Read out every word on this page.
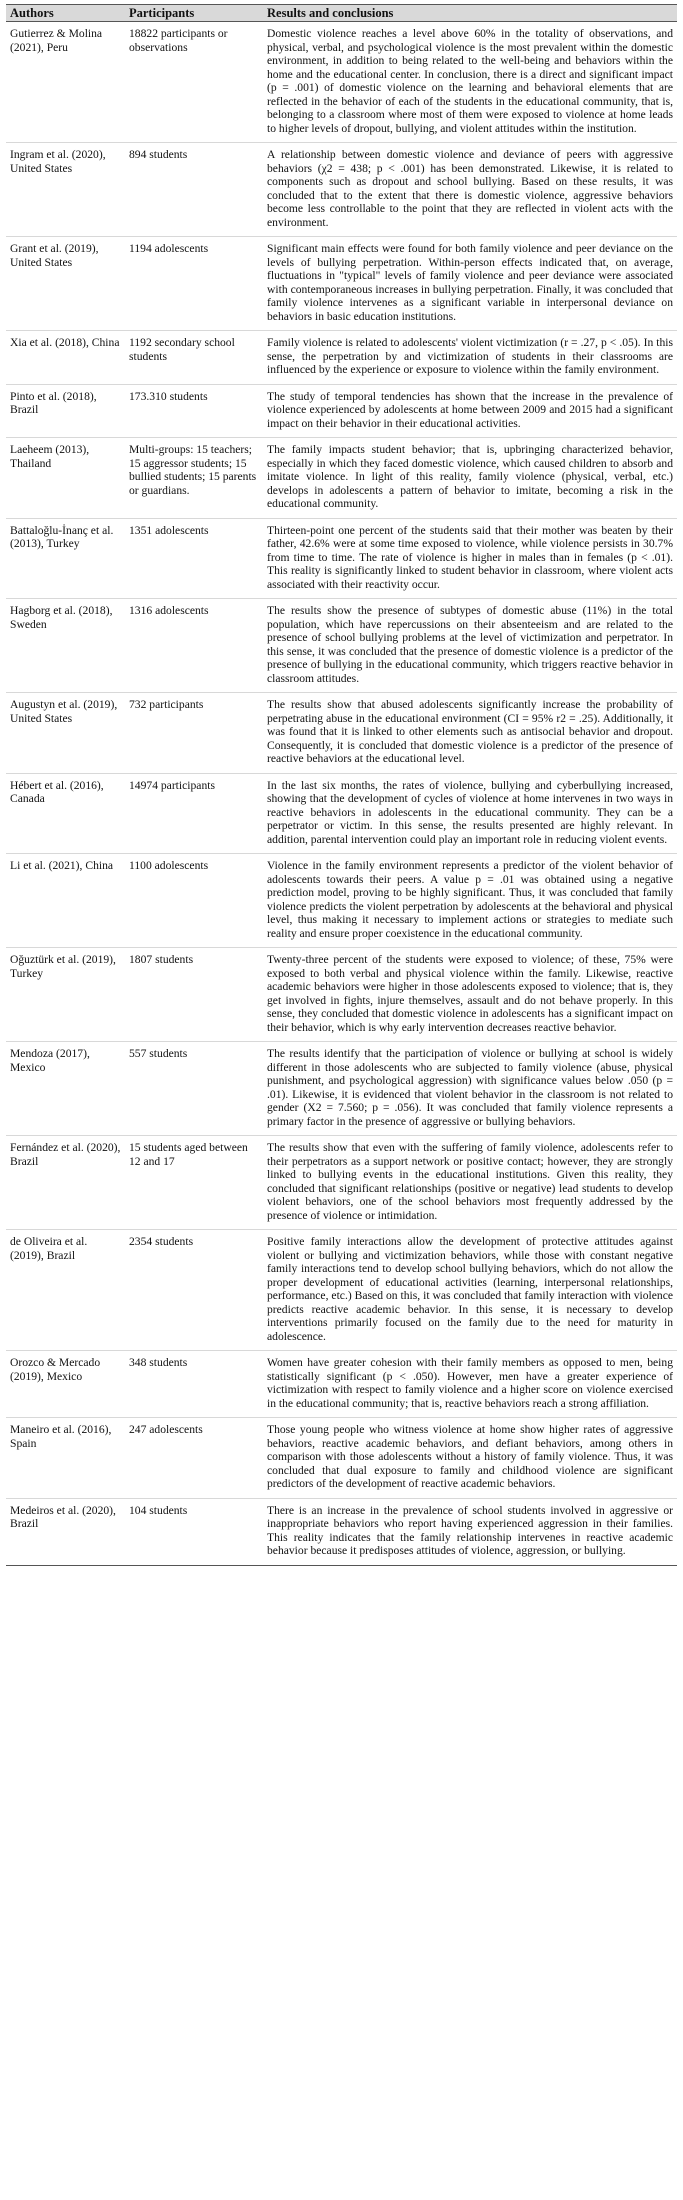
Authors	Participants	Results and conclusions
Gutierrez & Molina (2021), Peru	18822 participants or observations	Domestic violence reaches a level above 60% in the totality of observations, and physical, verbal, and psychological violence is the most prevalent within the domestic environment, in addition to being related to the well-being and behaviors within the home and the educational center. In conclusion, there is a direct and significant impact (p = .001) of domestic violence on the learning and behavioral elements that are reflected in the behavior of each of the students in the educational community, that is, belonging to a classroom where most of them were exposed to violence at home leads to higher levels of dropout, bullying, and violent attitudes within the institution.
Ingram et al. (2020), United States	894 students	A relationship between domestic violence and deviance of peers with aggressive behaviors (χ2 = 438; p < .001) has been demonstrated. Likewise, it is related to components such as dropout and school bullying. Based on these results, it was concluded that to the extent that there is domestic violence, aggressive behaviors become less controllable to the point that they are reflected in violent acts with the environment.
Grant et al. (2019), United States	1194 adolescents	Significant main effects were found for both family violence and peer deviance on the levels of bullying perpetration. Within-person effects indicated that, on average, fluctuations in "typical" levels of family violence and peer deviance were associated with contemporaneous increases in bullying perpetration. Finally, it was concluded that family violence intervenes as a significant variable in interpersonal deviance on behaviors in basic education institutions.
Xia et al. (2018), China	1192 secondary school students	Family violence is related to adolescents' violent victimization (r = .27, p < .05). In this sense, the perpetration by and victimization of students in their classrooms are influenced by the experience or exposure to violence within the family environment.
Pinto et al. (2018), Brazil	173.310 students	The study of temporal tendencies has shown that the increase in the prevalence of violence experienced by adolescents at home between 2009 and 2015 had a significant impact on their behavior in their educational activities.
Laeheem (2013), Thailand	Multi-groups: 15 teachers; 15 aggressor students; 15 bullied students; 15 parents or guardians.	The family impacts student behavior; that is, upbringing characterized behavior, especially in which they faced domestic violence, which caused children to absorb and imitate violence. In light of this reality, family violence (physical, verbal, etc.) develops in adolescents a pattern of behavior to imitate, becoming a risk in the educational community.
Battaloğlu-İnanç et al. (2013), Turkey	1351 adolescents	Thirteen-point one percent of the students said that their mother was beaten by their father, 42.6% were at some time exposed to violence, while violence persists in 30.7% from time to time. The rate of violence is higher in males than in females (p < .01). This reality is significantly linked to student behavior in classroom, where violent acts associated with their reactivity occur.
Hagborg et al. (2018), Sweden	1316 adolescents	The results show the presence of subtypes of domestic abuse (11%) in the total population, which have repercussions on their absenteeism and are related to the presence of school bullying problems at the level of victimization and perpetrator. In this sense, it was concluded that the presence of domestic violence is a predictor of the presence of bullying in the educational community, which triggers reactive behavior in classroom attitudes.
Augustyn et al. (2019), United States	732 participants	The results show that abused adolescents significantly increase the probability of perpetrating abuse in the educational environment (CI = 95% r2 = .25). Additionally, it was found that it is linked to other elements such as antisocial behavior and dropout. Consequently, it is concluded that domestic violence is a predictor of the presence of reactive behaviors at the educational level.
Hébert et al. (2016), Canada	14974 participants	In the last six months, the rates of violence, bullying and cyberbullying increased, showing that the development of cycles of violence at home intervenes in two ways in reactive behaviors in adolescents in the educational community. They can be a perpetrator or victim. In this sense, the results presented are highly relevant. In addition, parental intervention could play an important role in reducing violent events.
Li et al. (2021), China	1100 adolescents	Violence in the family environment represents a predictor of the violent behavior of adolescents towards their peers. A value p = .01 was obtained using a negative prediction model, proving to be highly significant. Thus, it was concluded that family violence predicts the violent perpetration by adolescents at the behavioral and physical level, thus making it necessary to implement actions or strategies to mediate such reality and ensure proper coexistence in the educational community.
Oğuztürk et al. (2019), Turkey	1807 students	Twenty-three percent of the students were exposed to violence; of these, 75% were exposed to both verbal and physical violence within the family. Likewise, reactive academic behaviors were higher in those adolescents exposed to violence; that is, they get involved in fights, injure themselves, assault and do not behave properly. In this sense, they concluded that domestic violence in adolescents has a significant impact on their behavior, which is why early intervention decreases reactive behavior.
Mendoza (2017), Mexico	557 students	The results identify that the participation of violence or bullying at school is widely different in those adolescents who are subjected to family violence (abuse, physical punishment, and psychological aggression) with significance values below .050 (p = .01). Likewise, it is evidenced that violent behavior in the classroom is not related to gender (X2 = 7.560; p = .056). It was concluded that family violence represents a primary factor in the presence of aggressive or bullying behaviors.
Fernández et al. (2020), Brazil	15 students aged between 12 and 17	The results show that even with the suffering of family violence, adolescents refer to their perpetrators as a support network or positive contact; however, they are strongly linked to bullying events in the educational institutions. Given this reality, they concluded that significant relationships (positive or negative) lead students to develop violent behaviors, one of the school behaviors most frequently addressed by the presence of violence or intimidation.
de Oliveira et al. (2019), Brazil	2354 students	Positive family interactions allow the development of protective attitudes against violent or bullying and victimization behaviors, while those with constant negative family interactions tend to develop school bullying behaviors, which do not allow the proper development of educational activities (learning, interpersonal relationships, performance, etc.) Based on this, it was concluded that family interaction with violence predicts reactive academic behavior. In this sense, it is necessary to develop interventions primarily focused on the family due to the need for maturity in adolescence.
Orozco & Mercado (2019), Mexico	348 students	Women have greater cohesion with their family members as opposed to men, being statistically significant (p < .050). However, men have a greater experience of victimization with respect to family violence and a higher score on violence exercised in the educational community; that is, reactive behaviors reach a strong affiliation.
Maneiro et al. (2016), Spain	247 adolescents	Those young people who witness violence at home show higher rates of aggressive behaviors, reactive academic behaviors, and defiant behaviors, among others in comparison with those adolescents without a history of family violence. Thus, it was concluded that dual exposure to family and childhood violence are significant predictors of the development of reactive academic behaviors.
Medeiros et al. (2020), Brazil	104 students	There is an increase in the prevalence of school students involved in aggressive or inappropriate behaviors who report having experienced aggression in their families. This reality indicates that the family relationship intervenes in reactive academic behavior because it predisposes attitudes of violence, aggression, or bullying.
